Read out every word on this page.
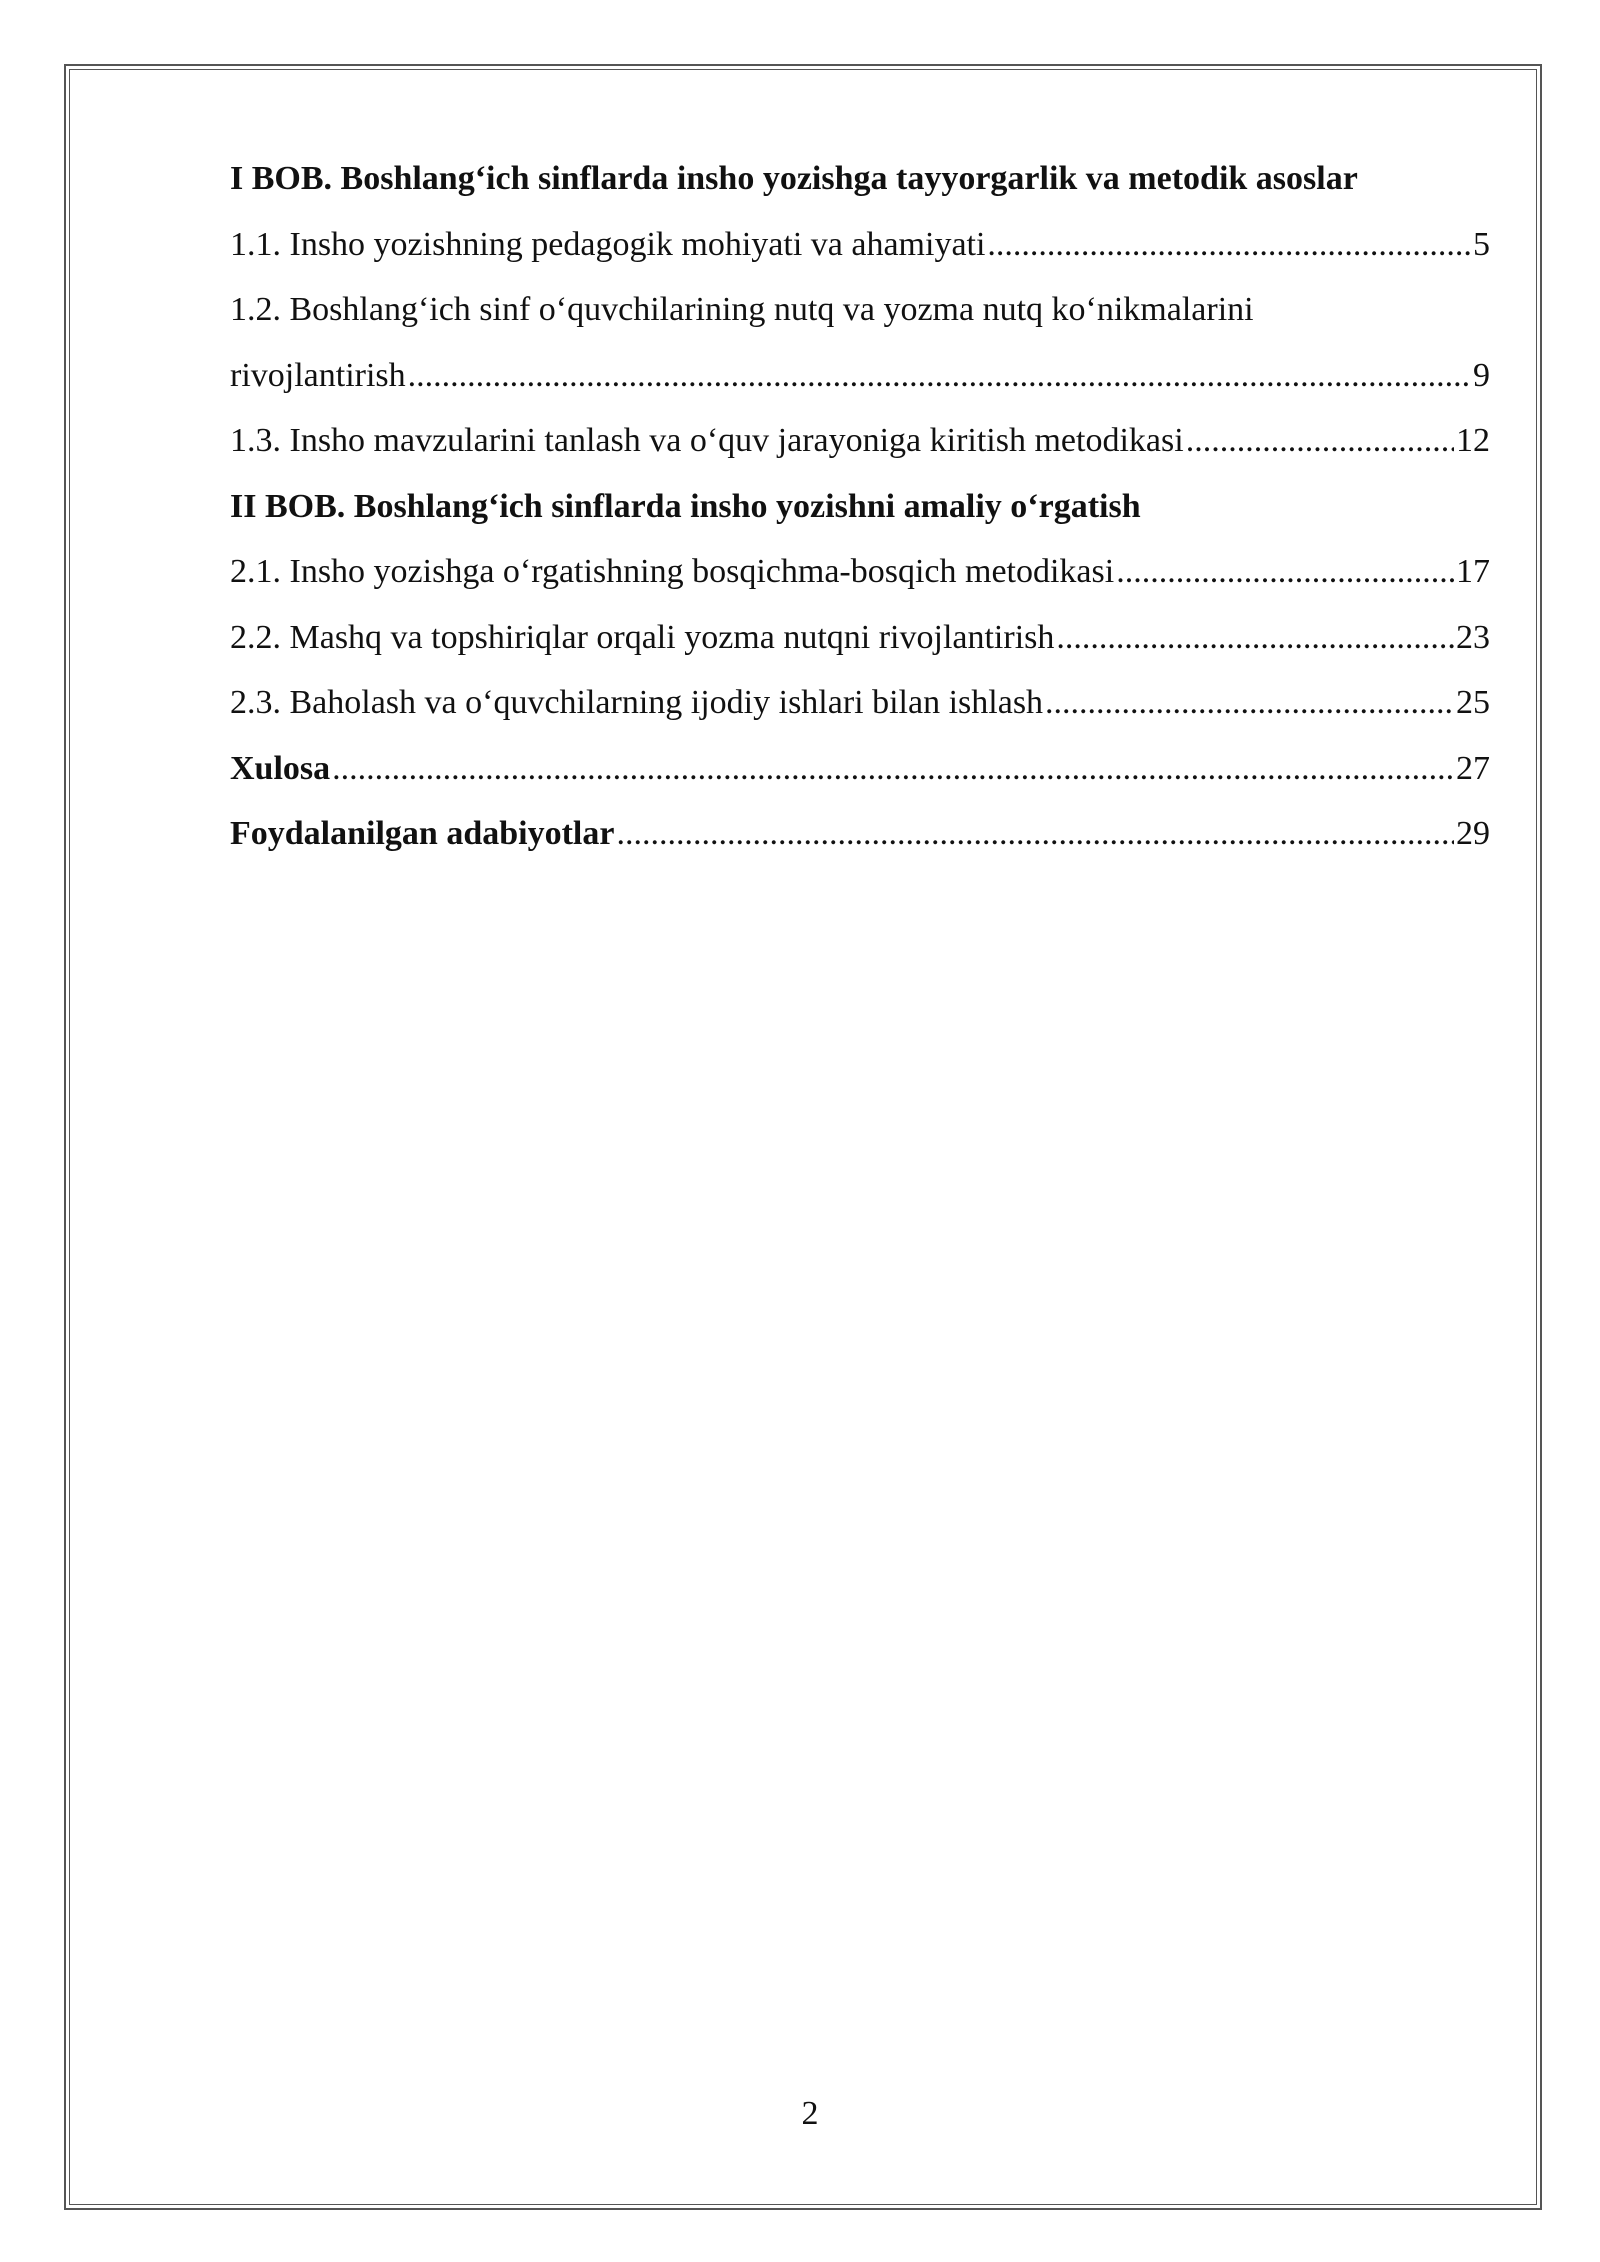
I BOB. Boshlang‘ich sinflarda insho yozishga tayyorgarlik va metodik asoslar
1.1. Insho yozishning pedagogik mohiyati va ahamiyati .....	5
1.2. Boshlang‘ich sinf o‘quvchilarining nutq va yozma nutq ko‘nikmalarini
rivojlantirish .....	9
1.3. Insho mavzularini tanlash va o‘quv jarayoniga kiritish metodikasi .....	12
II BOB. Boshlang‘ich sinflarda insho yozishni amaliy o‘rgatish
2.1. Insho yozishga o‘rgatishning bosqichma-bosqich metodikasi .....	17
2.2. Mashq va topshiriqlar orqali yozma nutqni rivojlantirish .....	23
2.3. Baholash va o‘quvchilarning ijodiy ishlari bilan ishlash .....	25
Xulosa .....	27
Foydalanilgan adabiyotlar .....	29
2
